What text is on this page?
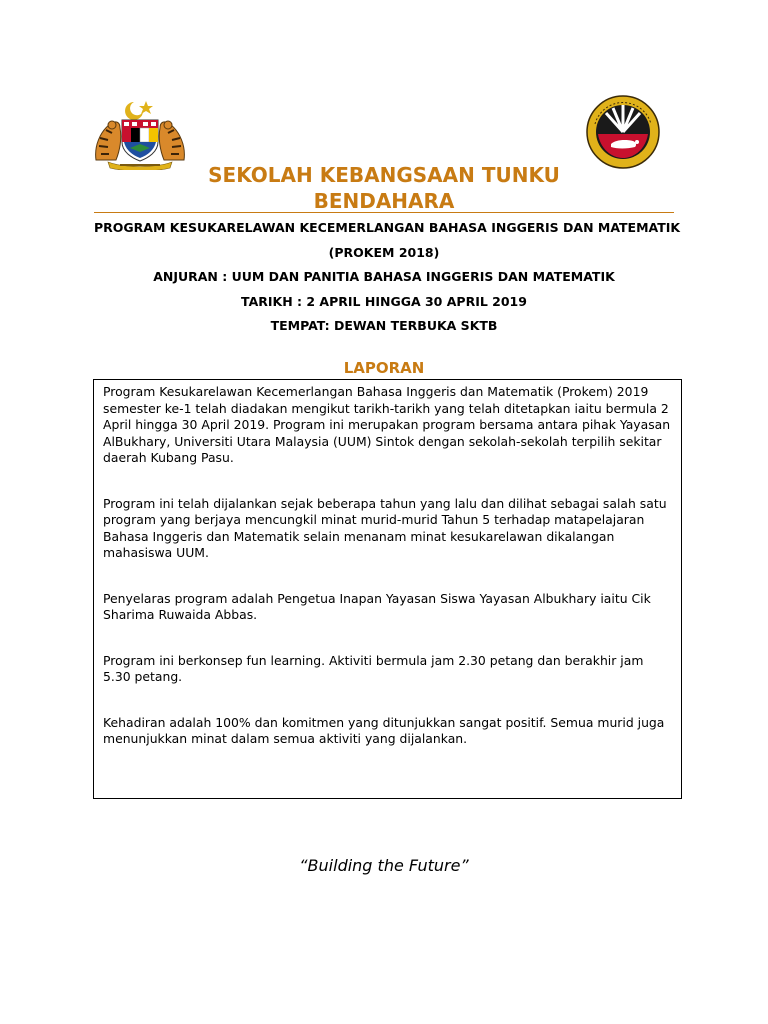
SEKOLAH KEBANGSAAN TUNKU
BENDAHARA
PROGRAM KESUKARELAWAN KECEMERLANGAN BAHASA INGGERIS DAN MATEMATIK
(PROKEM 2018)
ANJURAN : UUM DAN PANITIA BAHASA INGGERIS DAN MATEMATIK
TARIKH : 2 APRIL HINGGA 30 APRIL 2019
TEMPAT: DEWAN TERBUKA SKTB
LAPORAN

Program Kesukarelawan Kecemerlangan Bahasa Inggeris dan Matematik (Prokem) 2019 semester ke-1 telah diadakan mengikut tarikh-tarikh yang telah ditetapkan iaitu bermula 2 April hingga 30 April 2019. Program ini merupakan program bersama antara pihak Yayasan AlBukhary, Universiti Utara Malaysia (UUM) Sintok dengan sekolah-sekolah terpilih sekitar daerah Kubang Pasu.

Program ini telah dijalankan sejak beberapa tahun yang lalu dan dilihat sebagai salah satu program yang berjaya mencungkil minat murid-murid Tahun 5 terhadap matapelajaran Bahasa Inggeris dan Matematik selain menanam minat kesukarelawan dikalangan mahasiswa UUM.

Penyelaras program adalah Pengetua Inapan Yayasan Siswa Yayasan Albukhary iaitu Cik Sharima Ruwaida Abbas.

Program ini berkonsep fun learning. Aktiviti bermula jam 2.30 petang dan berakhir jam 5.30 petang.

Kehadiran adalah 100% dan komitmen yang ditunjukkan sangat positif. Semua murid juga menunjukkan minat dalam semua aktiviti yang dijalankan.

“Building the Future”
